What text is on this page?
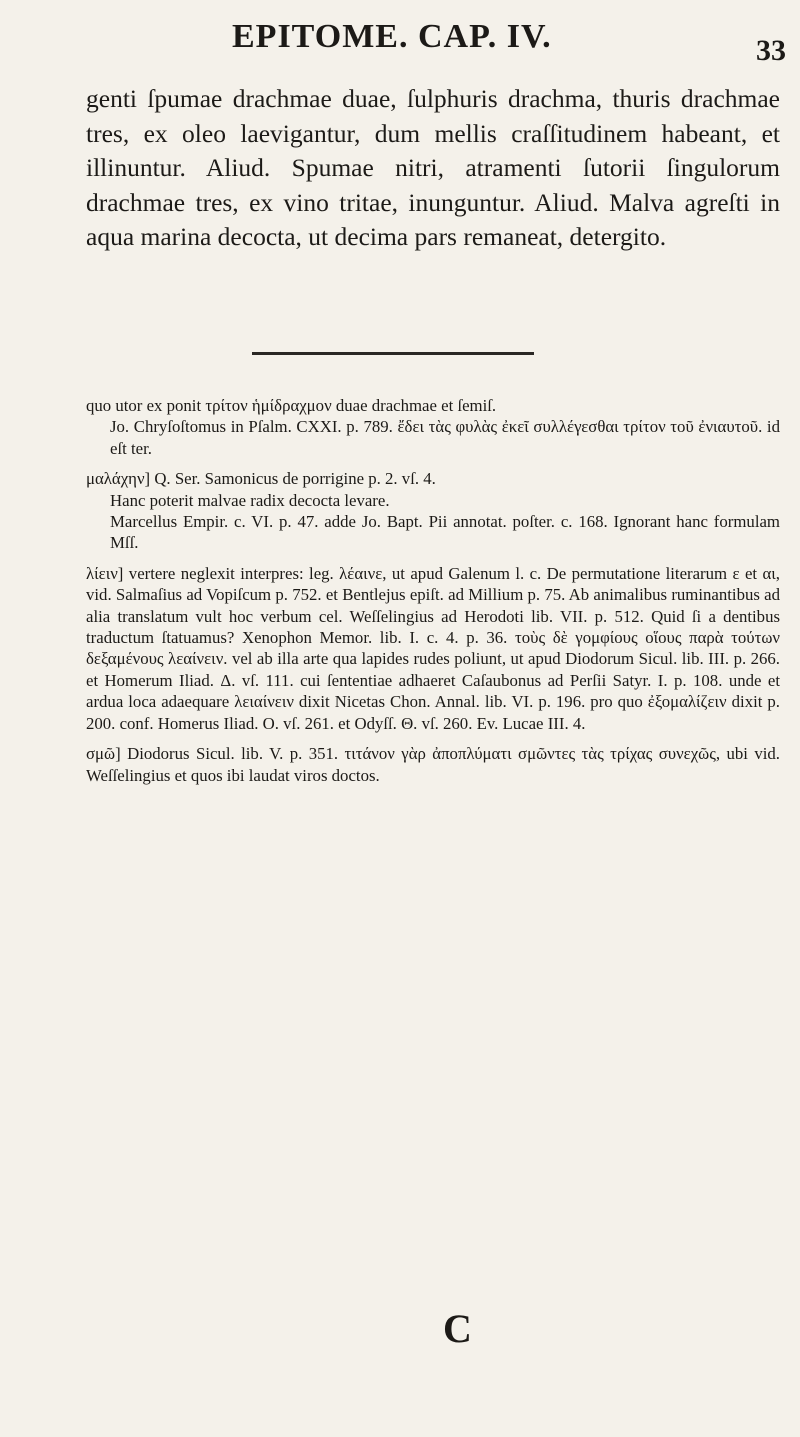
EPITOME. CAP. IV.	33

genti ſpumae drachmae duae, ſulphuris drachma, thuris drachmae tres, ex oleo laevigantur, dum mellis craſſitudinem habeant, et illinuntur. Aliud. Spumae nitri, atramenti ſutorii ſingulorum drachmae tres, ex vino tritae, inunguntur. Aliud. Malva agreſti in aqua marina decocta, ut decima pars remaneat, detergito.

quo utor ex ponit τρίτον ἡμίδραχμον duae drachmae et ſemiſ.
Jo. Chryſoſtomus in Pſalm. CXXI. p. 789. ἔδει τὰς φυλὰς ἐκεῖ συλλέγεσθαι τρίτον τοῦ ἐνιαυτοῦ. id eſt ter.

μαλάχην] Q. Ser. Samonicus de porrigine p. 2. vſ. 4.
Hanc poterit malvae radix decocta levare.
Marcellus Empir. c. VI. p. 47. adde Jo. Bapt. Pii annotat. poſter. c. 168. Ignorant hanc formulam Mſſ.

λίειν] vertere neglexit interpres: leg. λέαινε, ut apud Galenum l. c. De permutatione literarum ε et αι, vid. Salmaſius ad Vopiſcum p. 752. et Bentlejus epiſt. ad Millium p. 75. Ab animalibus ruminantibus ad alia translatum vult hoc verbum cel. Weſſelingius ad Herodoti lib. VII. p. 512. Quid ſi a dentibus traductum ſtatuamus? Xenophon Memor. lib. I. c. 4. p. 36. τοὺς δὲ γομφίους οἵους παρὰ τούτων δεξαμένους λεαίνειν. vel ab illa arte qua lapides rudes poliunt, ut apud Diodorum Sicul. lib. III. p. 266. et Homerum Iliad. Δ. vſ. 111. cui ſententiae adhaeret Caſaubonus ad Perſii Satyr. I. p. 108. unde et ardua loca adaequare λειαίνειν dixit Nicetas Chon. Annal. lib. VI. p. 196. pro quo ἐξομαλίζειν dixit p. 200. conf. Homerus Iliad. O. vſ. 261. et Odyſſ. Θ. vſ. 260. Ev. Lucae III. 4.

σμῶ] Diodorus Sicul. lib. V. p. 351. τιτάνον γὰρ ἀποπλύματι σμῶντες τὰς τρίχας συνεχῶς, ubi vid. Weſſelingius et quos ibi laudat viros doctos.

C
